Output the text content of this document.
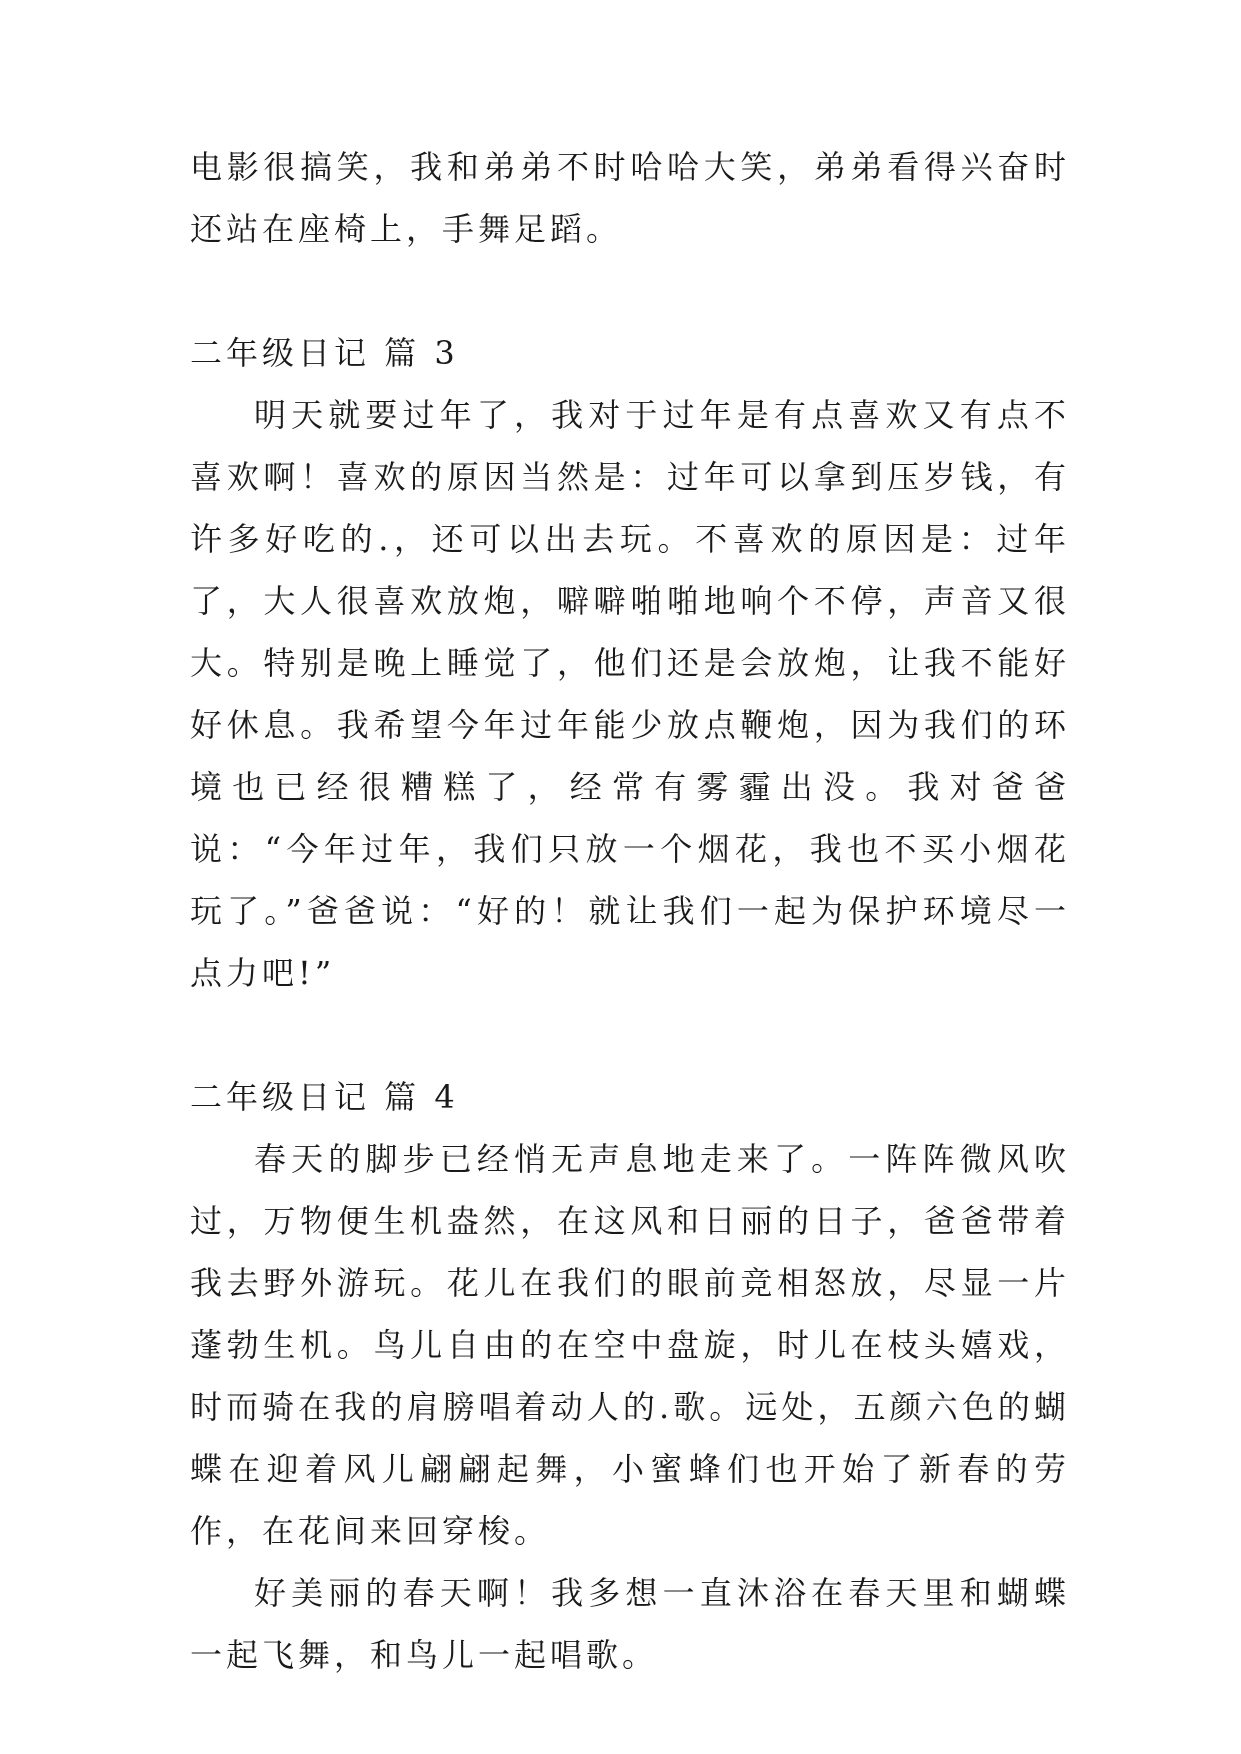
电影很搞笑，我和弟弟不时哈哈大笑，弟弟看得兴奋时还站在座椅上，手舞足蹈。

二年级日记 篇 3

明天就要过年了，我对于过年是有点喜欢又有点不喜欢啊！喜欢的原因当然是：过年可以拿到压岁钱，有许多好吃的.，还可以出去玩。不喜欢的原因是：过年了，大人很喜欢放炮，噼噼啪啪地响个不停，声音又很大。特别是晚上睡觉了，他们还是会放炮，让我不能好好休息。我希望今年过年能少放点鞭炮，因为我们的环境也已经很糟糕了，经常有雾霾出没。我对爸爸说：“今年过年，我们只放一个烟花，我也不买小烟花玩了。”爸爸说：“好的！就让我们一起为保护环境尽一点力吧!”

二年级日记 篇 4

春天的脚步已经悄无声息地走来了。一阵阵微风吹过，万物便生机盎然，在这风和日丽的日子，爸爸带着我去野外游玩。花儿在我们的眼前竞相怒放，尽显一片蓬勃生机。鸟儿自由的在空中盘旋，时儿在枝头嬉戏，时而骑在我的肩膀唱着动人的.歌。远处，五颜六色的蝴蝶在迎着风儿翩翩起舞，小蜜蜂们也开始了新春的劳作，在花间来回穿梭。

好美丽的春天啊！我多想一直沐浴在春天里和蝴蝶一起飞舞，和鸟儿一起唱歌。
